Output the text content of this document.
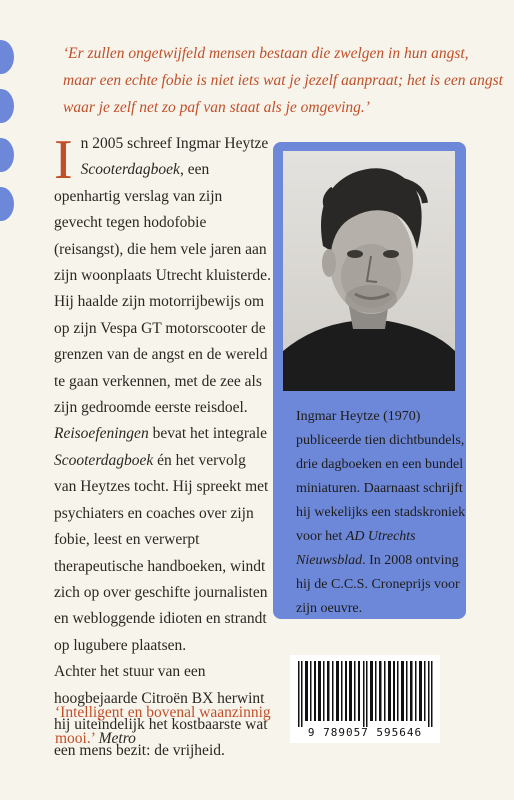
‘Er zullen ongetwijfeld mensen bestaan die zwelgen in hun angst, maar een echte fobie is niet iets wat je jezelf aanpraat; het is een angst waar je zelf net zo paf van staat als je omgeving.’
I n 2005 schreef Ingmar Heytze Scooterdagboek, een openhartig verslag van zijn gevecht tegen hodofobie (reisangst), die hem vele jaren aan zijn woonplaats Utrecht kluisterde. Hij haalde zijn motorrijbewijs om op zijn Vespa GT motorscooter de grenzen van de angst en de wereld te gaan verkennen, met de zee als zijn gedroomde eerste reisdoel.

Reisoefeningen bevat het integrale Scooterdagboek én het vervolg van Heytzes tocht. Hij spreekt met psychiaters en coaches over zijn fobie, leest en verwerpt therapeutische handboeken, windt zich op over geschifte journalisten en webloggende idioten en strandt op lugubere plaatsen.

Achter het stuur van een hoogbejaarde Citroën BX herwint hij uiteindelijk het kostbaarste wat een mens bezit: de vrijheid.

‘Intelligent en bovenal waanzinnig mooi.’ Metro

Ingmar Heytze (1970) publiceerde tien dichtbundels, drie dagboeken en een bundel miniaturen. Daarnaast schrijft hij wekelijks een stadskroniek voor het AD Utrechts Nieuwsblad. In 2008 ontving hij de C.C.S. Croneprijs voor zijn oeuvre.

9 789057 595646
